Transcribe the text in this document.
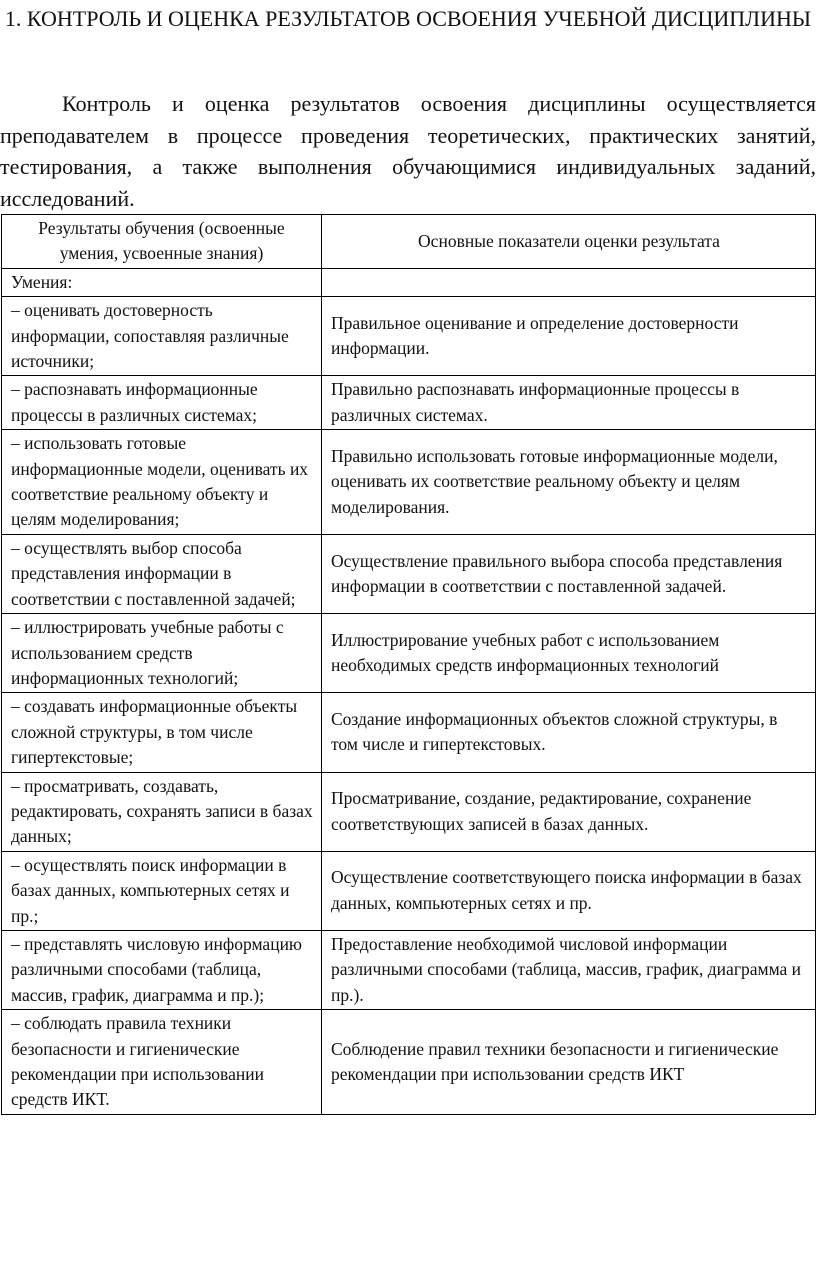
1. КОНТРОЛЬ И ОЦЕНКА РЕЗУЛЬТАТОВ ОСВОЕНИЯ УЧЕБНОЙ ДИСЦИПЛИНЫ

Контроль и оценка результатов освоения дисциплины осуществляется преподавателем в процессе проведения теоретических, практических занятий, тестирования, а также выполнения обучающимися индивидуальных заданий, исследований.

Результаты обучения (освоенные умения, усвоенные знания)	Основные показатели оценки результата
Умения:	
– оценивать достоверность информации, сопоставляя различные источники;	Правильное оценивание и определение достоверности информации.
– распознавать информационные процессы в различных системах;	Правильно распознавать информационные процессы в различных системах.
– использовать готовые информационные модели, оценивать их соответствие реальному объекту и целям моделирования;	Правильно использовать готовые информационные модели, оценивать их соответствие реальному объекту и целям моделирования.
– осуществлять выбор способа представления информации в соответствии с поставленной задачей;	Осуществление правильного выбора способа представления информации в соответствии с поставленной задачей.
– иллюстрировать учебные работы с использованием средств информационных технологий;	Иллюстрирование учебных работ с использованием необходимых средств информационных технологий
– создавать информационные объекты сложной структуры, в том числе гипертекстовые;	Создание информационных объектов сложной структуры, в том числе и гипертекстовых.
– просматривать, создавать, редактировать, сохранять записи в базах данных;	Просматривание, создание, редактирование, сохранение соответствующих записей в базах данных.
– осуществлять поиск информации в базах данных, компьютерных сетях и пр.;	Осуществление соответствующего поиска информации в базах данных, компьютерных сетях и пр.
– представлять числовую информацию различными способами (таблица, массив, график, диаграмма и пр.);	Предоставление необходимой числовой информации различными способами (таблица, массив, график, диаграмма и пр.).
– соблюдать правила техники безопасности и гигиенические рекомендации при использовании средств ИКТ.	Соблюдение правил техники безопасности и гигиенические рекомендации при использовании средств ИКТ
